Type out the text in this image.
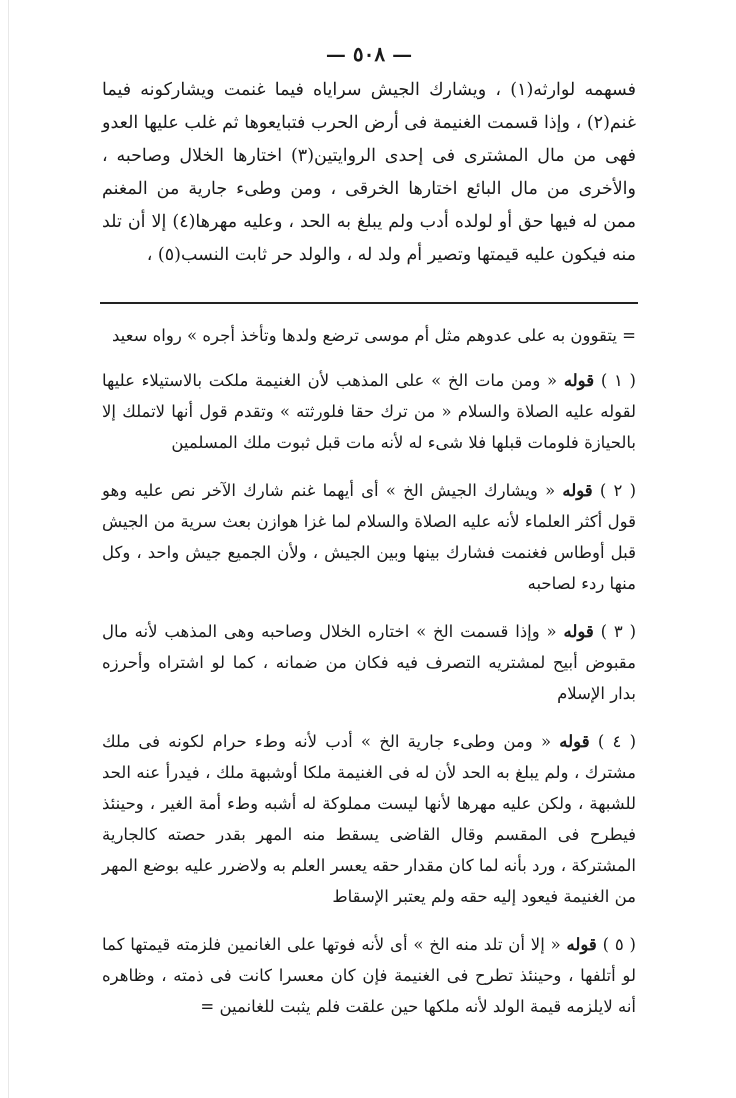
— ٥٠٨ —

فسهمه لوارثه(١) ، ويشارك الجيش سراياه فيما غنمت ويشاركونه فيما غنم(٢) ، وإذا قسمت الغنيمة فى أرض الحرب فتبايعوها ثم غلب عليها العدو فهى من مال المشترى فى إحدى الروايتين(٣) اختارها الخلال وصاحبه ، والأخرى من مال البائع اختارها الخرقى ، ومن وطىء جارية من المغنم ممن له فيها حق أو لولده أدب ولم يبلغ به الحد ، وعليه مهرها(٤) إلا أن تلد منه فيكون عليه قيمتها وتصير أم ولد له ، والولد حر ثابت النسب(٥) ،

= يتقوون به على عدوهم مثل أم موسى ترضع ولدها وتأخذ أجره » رواه سعيد

( ١ ) قوله « ومن مات الخ » على المذهب لأن الغنيمة ملكت بالاستيلاء عليها لقوله عليه الصلاة والسلام « من ترك حقا فلورثته » وتقدم قول أنها لاتملك إلا بالحيازة فلومات قبلها فلا شىء له لأنه مات قبل ثبوت ملك المسلمين

( ٢ ) قوله « ويشارك الجيش الخ » أى أيهما غنم شارك الآخر نص عليه وهو قول أكثر العلماء لأنه عليه الصلاة والسلام لما غزا هوازن بعث سرية من الجيش قبل أوطاس فغنمت فشارك بينها وبين الجيش ، ولأن الجميع جيش واحد ، وكل منها ردء لصاحبه

( ٣ ) قوله « وإذا قسمت الخ » اختاره الخلال وصاحبه وهى المذهب لأنه مال مقبوض أبيح لمشتريه التصرف فيه فكان من ضمانه ، كما لو اشتراه وأحرزه بدار الإسلام

( ٤ ) قوله « ومن وطىء جارية الخ » أدب لأنه وطء حرام لكونه فى ملك مشترك ، ولم يبلغ به الحد لأن له فى الغنيمة ملكا أوشبهة ملك ، فيدرأ عنه الحد للشبهة ، ولكن عليه مهرها لأنها ليست مملوكة له أشبه وطء أمة الغير ، وحينئذ فيطرح فى المقسم وقال القاضى يسقط منه المهر بقدر حصته كالجارية المشتركة ، ورد بأنه لما كان مقدار حقه يعسر العلم به ولاضرر عليه بوضع المهر من الغنيمة فيعود إليه حقه ولم يعتبر الإسقاط

( ٥ ) قوله « إلا أن تلد منه الخ » أى لأنه فوتها على الغانمين فلزمته قيمتها كما لو أتلفها ، وحينئذ تطرح فى الغنيمة فإن كان معسرا كانت فى ذمته ، وظاهره أنه لايلزمه قيمة الولد لأنه ملكها حين علقت فلم يثبت للغانمين =
